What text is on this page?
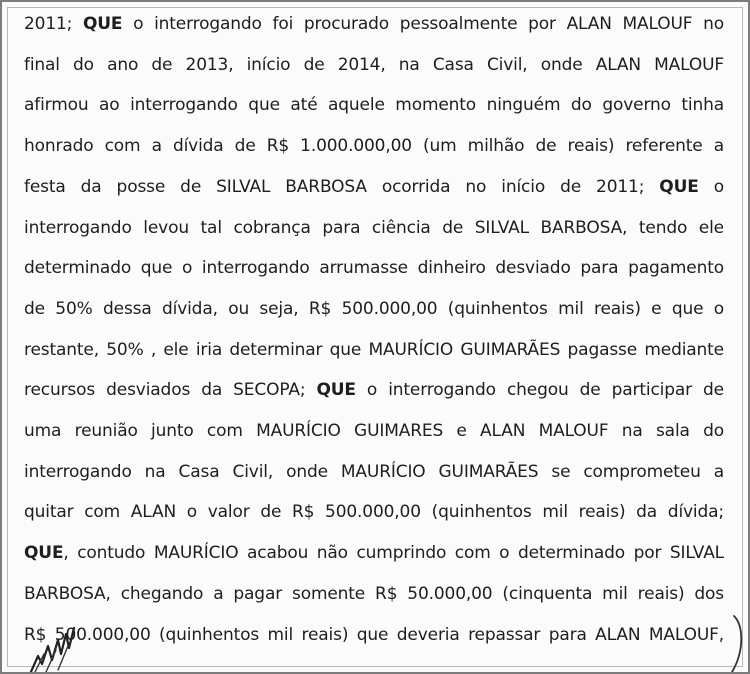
2011; QUE o interrogando foi procurado pessoalmente por ALAN MALOUF no
final do ano de 2013, início de 2014, na Casa Civil, onde ALAN MALOUF
afirmou ao interrogando que até aquele momento ninguém do governo tinha
honrado com a dívida de R$ 1.000.000,00 (um milhão de reais) referente a
festa da posse de SILVAL BARBOSA ocorrida no início de 2011; QUE o
interrogando levou tal cobrança para ciência de SILVAL BARBOSA, tendo ele
determinado que o interrogando arrumasse dinheiro desviado para pagamento
de 50% dessa dívida, ou seja, R$ 500.000,00 (quinhentos mil reais) e que o
restante, 50% , ele iria determinar que MAURÍCIO GUIMARÃES pagasse mediante
recursos desviados da SECOPA; QUE o interrogando chegou de participar de
uma reunião junto com MAURÍCIO GUIMARES e ALAN MALOUF na sala do
interrogando na Casa Civil, onde MAURÍCIO GUIMARÃES se comprometeu a
quitar com ALAN o valor de R$ 500.000,00 (quinhentos mil reais) da dívida;
QUE, contudo MAURÍCIO acabou não cumprindo com o determinado por SILVAL
BARBOSA, chegando a pagar somente R$ 50.000,00 (cinquenta mil reais) dos
R$ 500.000,00 (quinhentos mil reais) que deveria repassar para ALAN MALOUF,
